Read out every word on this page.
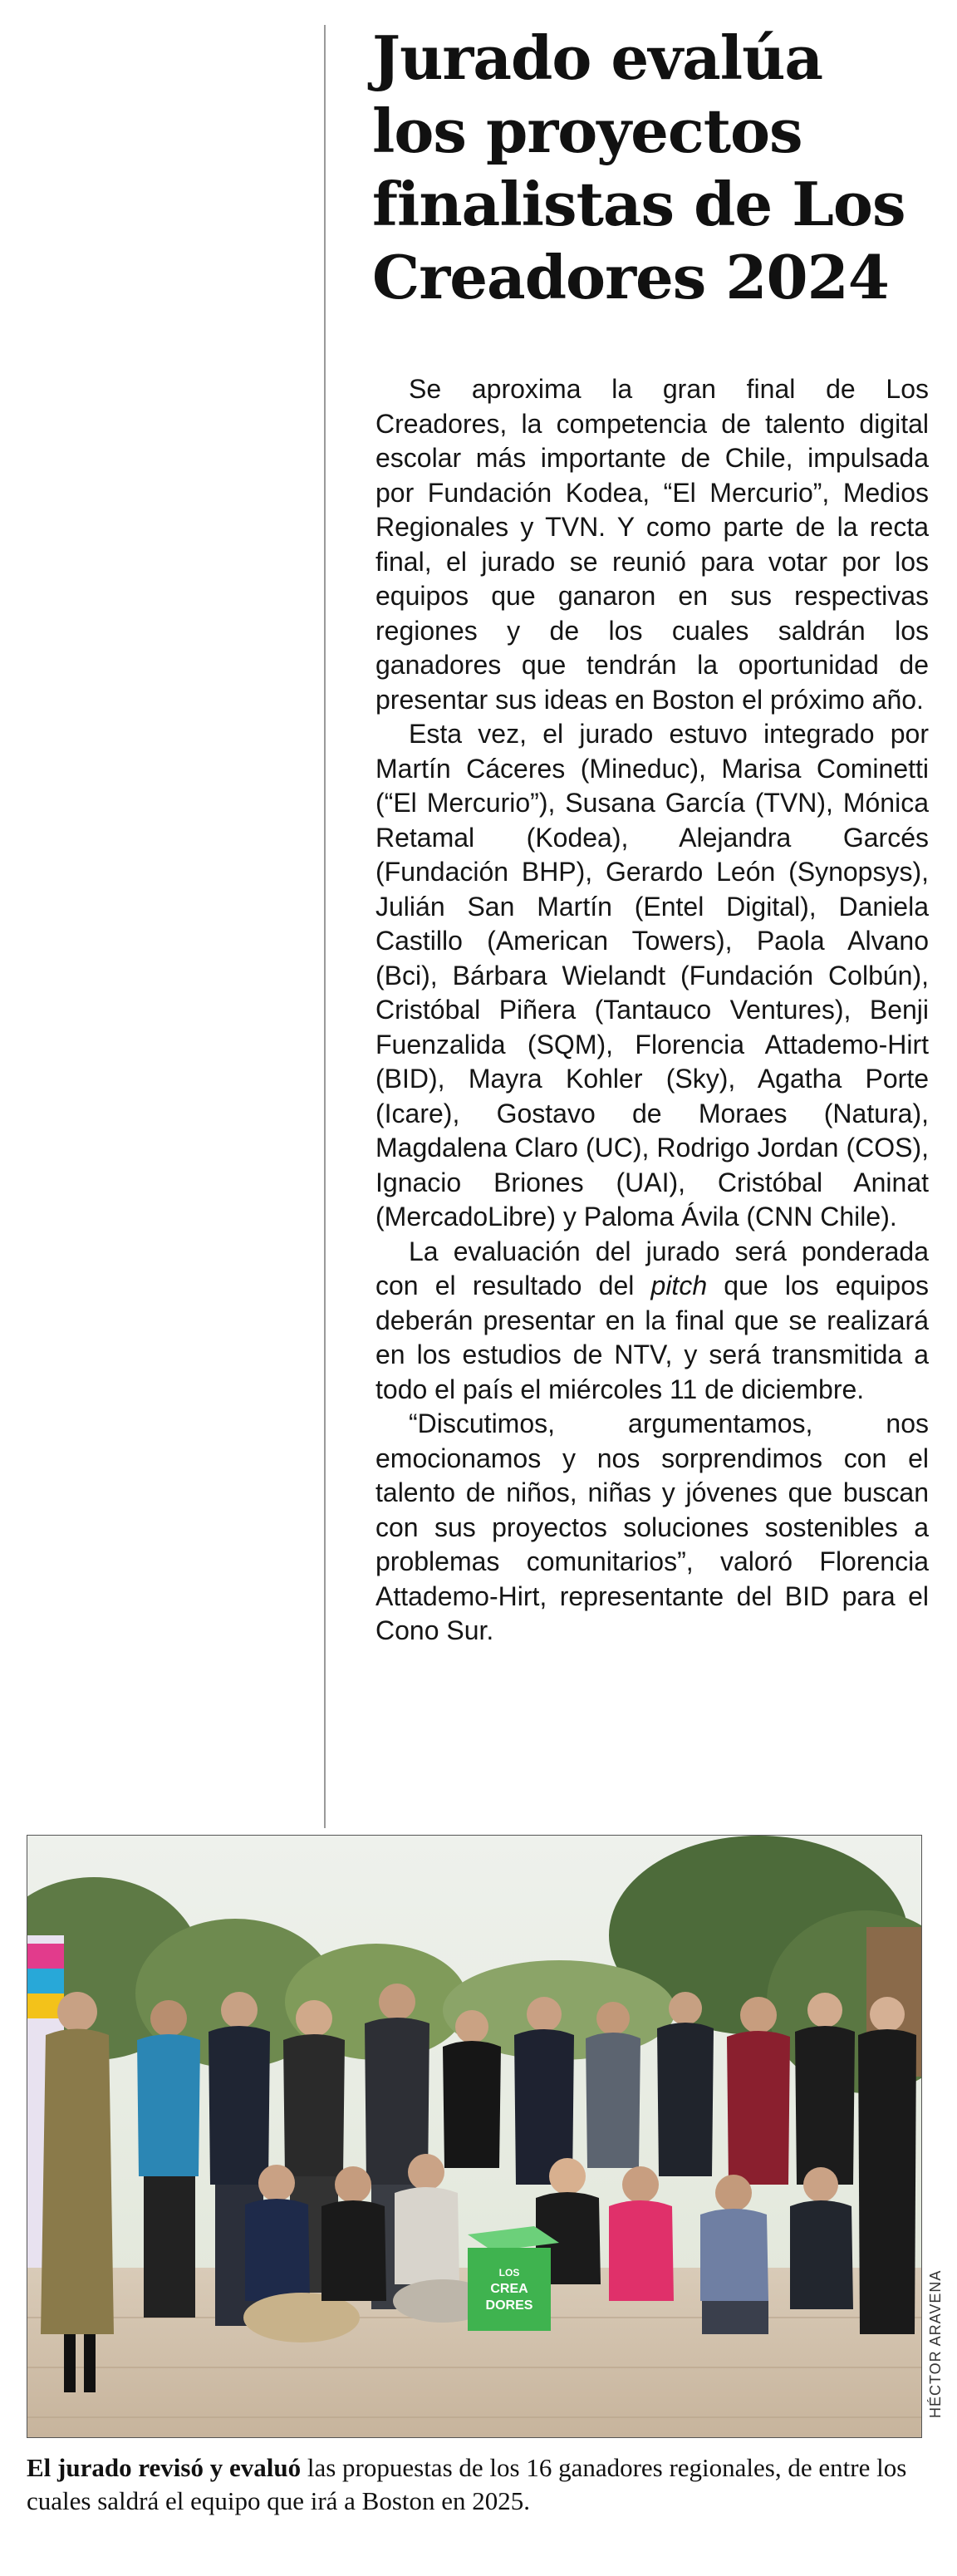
Jurado evalúa
los proyectos
finalistas de Los
Creadores 2024

Se aproxima la gran final de Los Creadores, la competencia de talento digital escolar más importante de Chile, impulsada por Fundación Kodea, “El Mercurio”, Medios Regionales y TVN. Y como parte de la recta final, el jurado se reunió para votar por los equipos que ganaron en sus respectivas regiones y de los cuales saldrán los ganadores que tendrán la oportunidad de presentar sus ideas en Boston el próximo año.

Esta vez, el jurado estuvo integrado por Martín Cáceres (Mineduc), Marisa Cominetti (“El Mercurio”), Susana García (TVN), Mónica Retamal (Kodea), Alejandra Garcés (Fundación BHP), Gerardo León (Synopsys), Julián San Martín (Entel Digital), Daniela Castillo (American Towers), Paola Alvano (Bci), Bárbara Wielandt (Fundación Colbún), Cristóbal Piñera (Tantauco Ventures), Benji Fuenzalida (SQM), Florencia Attademo-Hirt (BID), Mayra Kohler (Sky), Agatha Porte (Icare), Gostavo de Moraes (Natura), Magdalena Claro (UC), Rodrigo Jordan (COS), Ignacio Briones (UAI), Cristóbal Aninat (MercadoLibre) y Paloma Ávila (CNN Chile).

La evaluación del jurado será ponderada con el resultado del pitch que los equipos deberán presentar en la final que se realizará en los estudios de NTV, y será transmitida a todo el país el miércoles 11 de diciembre.

“Discutimos, argumentamos, nos emocionamos y nos sorprendimos con el talento de niños, niñas y jóvenes que buscan con sus proyectos soluciones sostenibles a problemas comunitarios”, valoró Florencia Attademo-Hirt, representante del BID para el Cono Sur.

LOS
CREA
DORES	HÉCTOR ARAVENA

El jurado revisó y evaluó las propuestas de los 16 ganadores regionales, de entre los cuales saldrá el equipo que irá a Boston en 2025.
